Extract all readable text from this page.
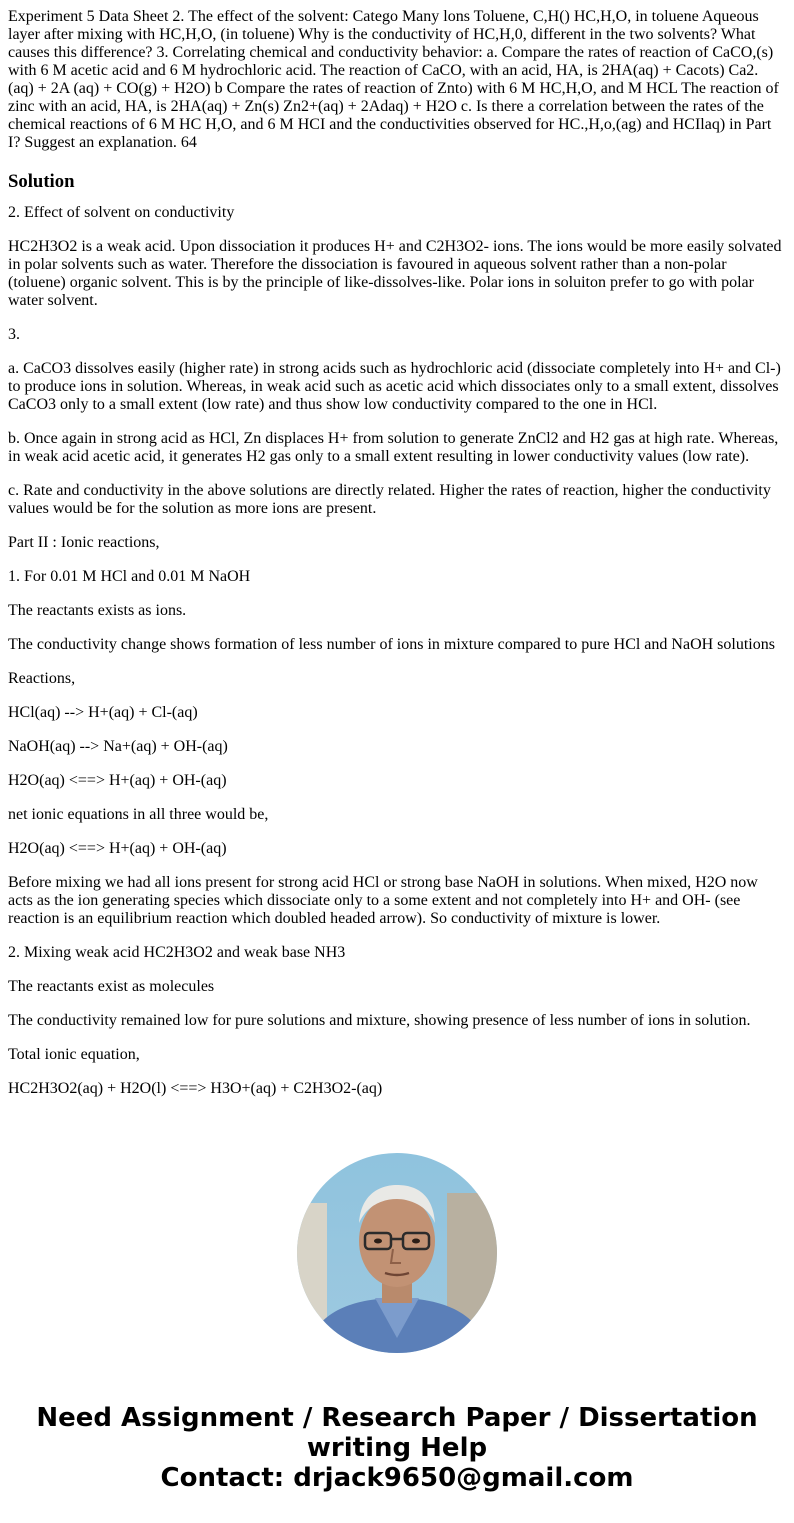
Experiment 5 Data Sheet 2. The effect of the solvent: Catego Many lons Toluene, C,H() HC,H,O, in toluene Aqueous layer after mixing with HC,H,O, (in toluene) Why is the conductivity of HC,H,0, different in the two solvents? What causes this difference? 3. Correlating chemical and conductivity behavior: a. Compare the rates of reaction of CaCO,(s) with 6 M acetic acid and 6 M hydrochloric acid. The reaction of CaCO, with an acid, HA, is 2HA(aq) + Cacots) Ca2.(aq) + 2A (aq) + CO(g) + H2O) b Compare the rates of reaction of Znto) with 6 M HC,H,O, and M HCL The reaction of zinc with an acid, HA, is 2HA(aq) + Zn(s) Zn2+(aq) + 2Adaq) + H2O c. Is there a correlation between the rates of the chemical reactions of 6 M HC H,O, and 6 M HCI and the conductivities observed for HC.,H,o,(ag) and HCIlaq) in Part I? Suggest an explanation. 64

Solution

2. Effect of solvent on conductivity

HC2H3O2 is a weak acid. Upon dissociation it produces H+ and C2H3O2- ions. The ions would be more easily solvated in polar solvents such as water. Therefore the dissociation is favoured in aqueous solvent rather than a non-polar (toluene) organic solvent. This is by the principle of like-dissolves-like. Polar ions in soluiton prefer to go with polar water solvent.

3.

a. CaCO3 dissolves easily (higher rate) in strong acids such as hydrochloric acid (dissociate completely into H+ and Cl-) to produce ions in solution. Whereas, in weak acid such as acetic acid which dissociates only to a small extent, dissolves CaCO3 only to a small extent (low rate) and thus show low conductivity compared to the one in HCl.

b. Once again in strong acid as HCl, Zn displaces H+ from solution to generate ZnCl2 and H2 gas at high rate. Whereas, in weak acid acetic acid, it generates H2 gas only to a small extent resulting in lower conductivity values (low rate).

c. Rate and conductivity in the above solutions are directly related. Higher the rates of reaction, higher the conductivity values would be for the solution as more ions are present.

Part II : Ionic reactions,

1. For 0.01 M HCl and 0.01 M NaOH

The reactants exists as ions.

The conductivity change shows formation of less number of ions in mixture compared to pure HCl and NaOH solutions

Reactions,

HCl(aq) --> H+(aq) + Cl-(aq)

NaOH(aq) --> Na+(aq) + OH-(aq)

H2O(aq) <==> H+(aq) + OH-(aq)

net ionic equations in all three would be,

H2O(aq) <==> H+(aq) + OH-(aq)

Before mixing we had all ions present for strong acid HCl or strong base NaOH in solutions. When mixed, H2O now acts as the ion generating species which dissociate only to a some extent and not completely into H+ and OH- (see reaction is an equilibrium reaction which doubled headed arrow). So conductivity of mixture is lower.

2. Mixing weak acid HC2H3O2 and weak base NH3

The reactants exist as molecules

The conductivity remained low for pure solutions and mixture, showing presence of less number of ions in solution.

Total ionic equation,

HC2H3O2(aq) + H2O(l) <==> H3O+(aq) + C2H3O2-(aq)

Need Assignment / Research Paper / Dissertation
writing Help
Contact: drjack9650@gmail.com
